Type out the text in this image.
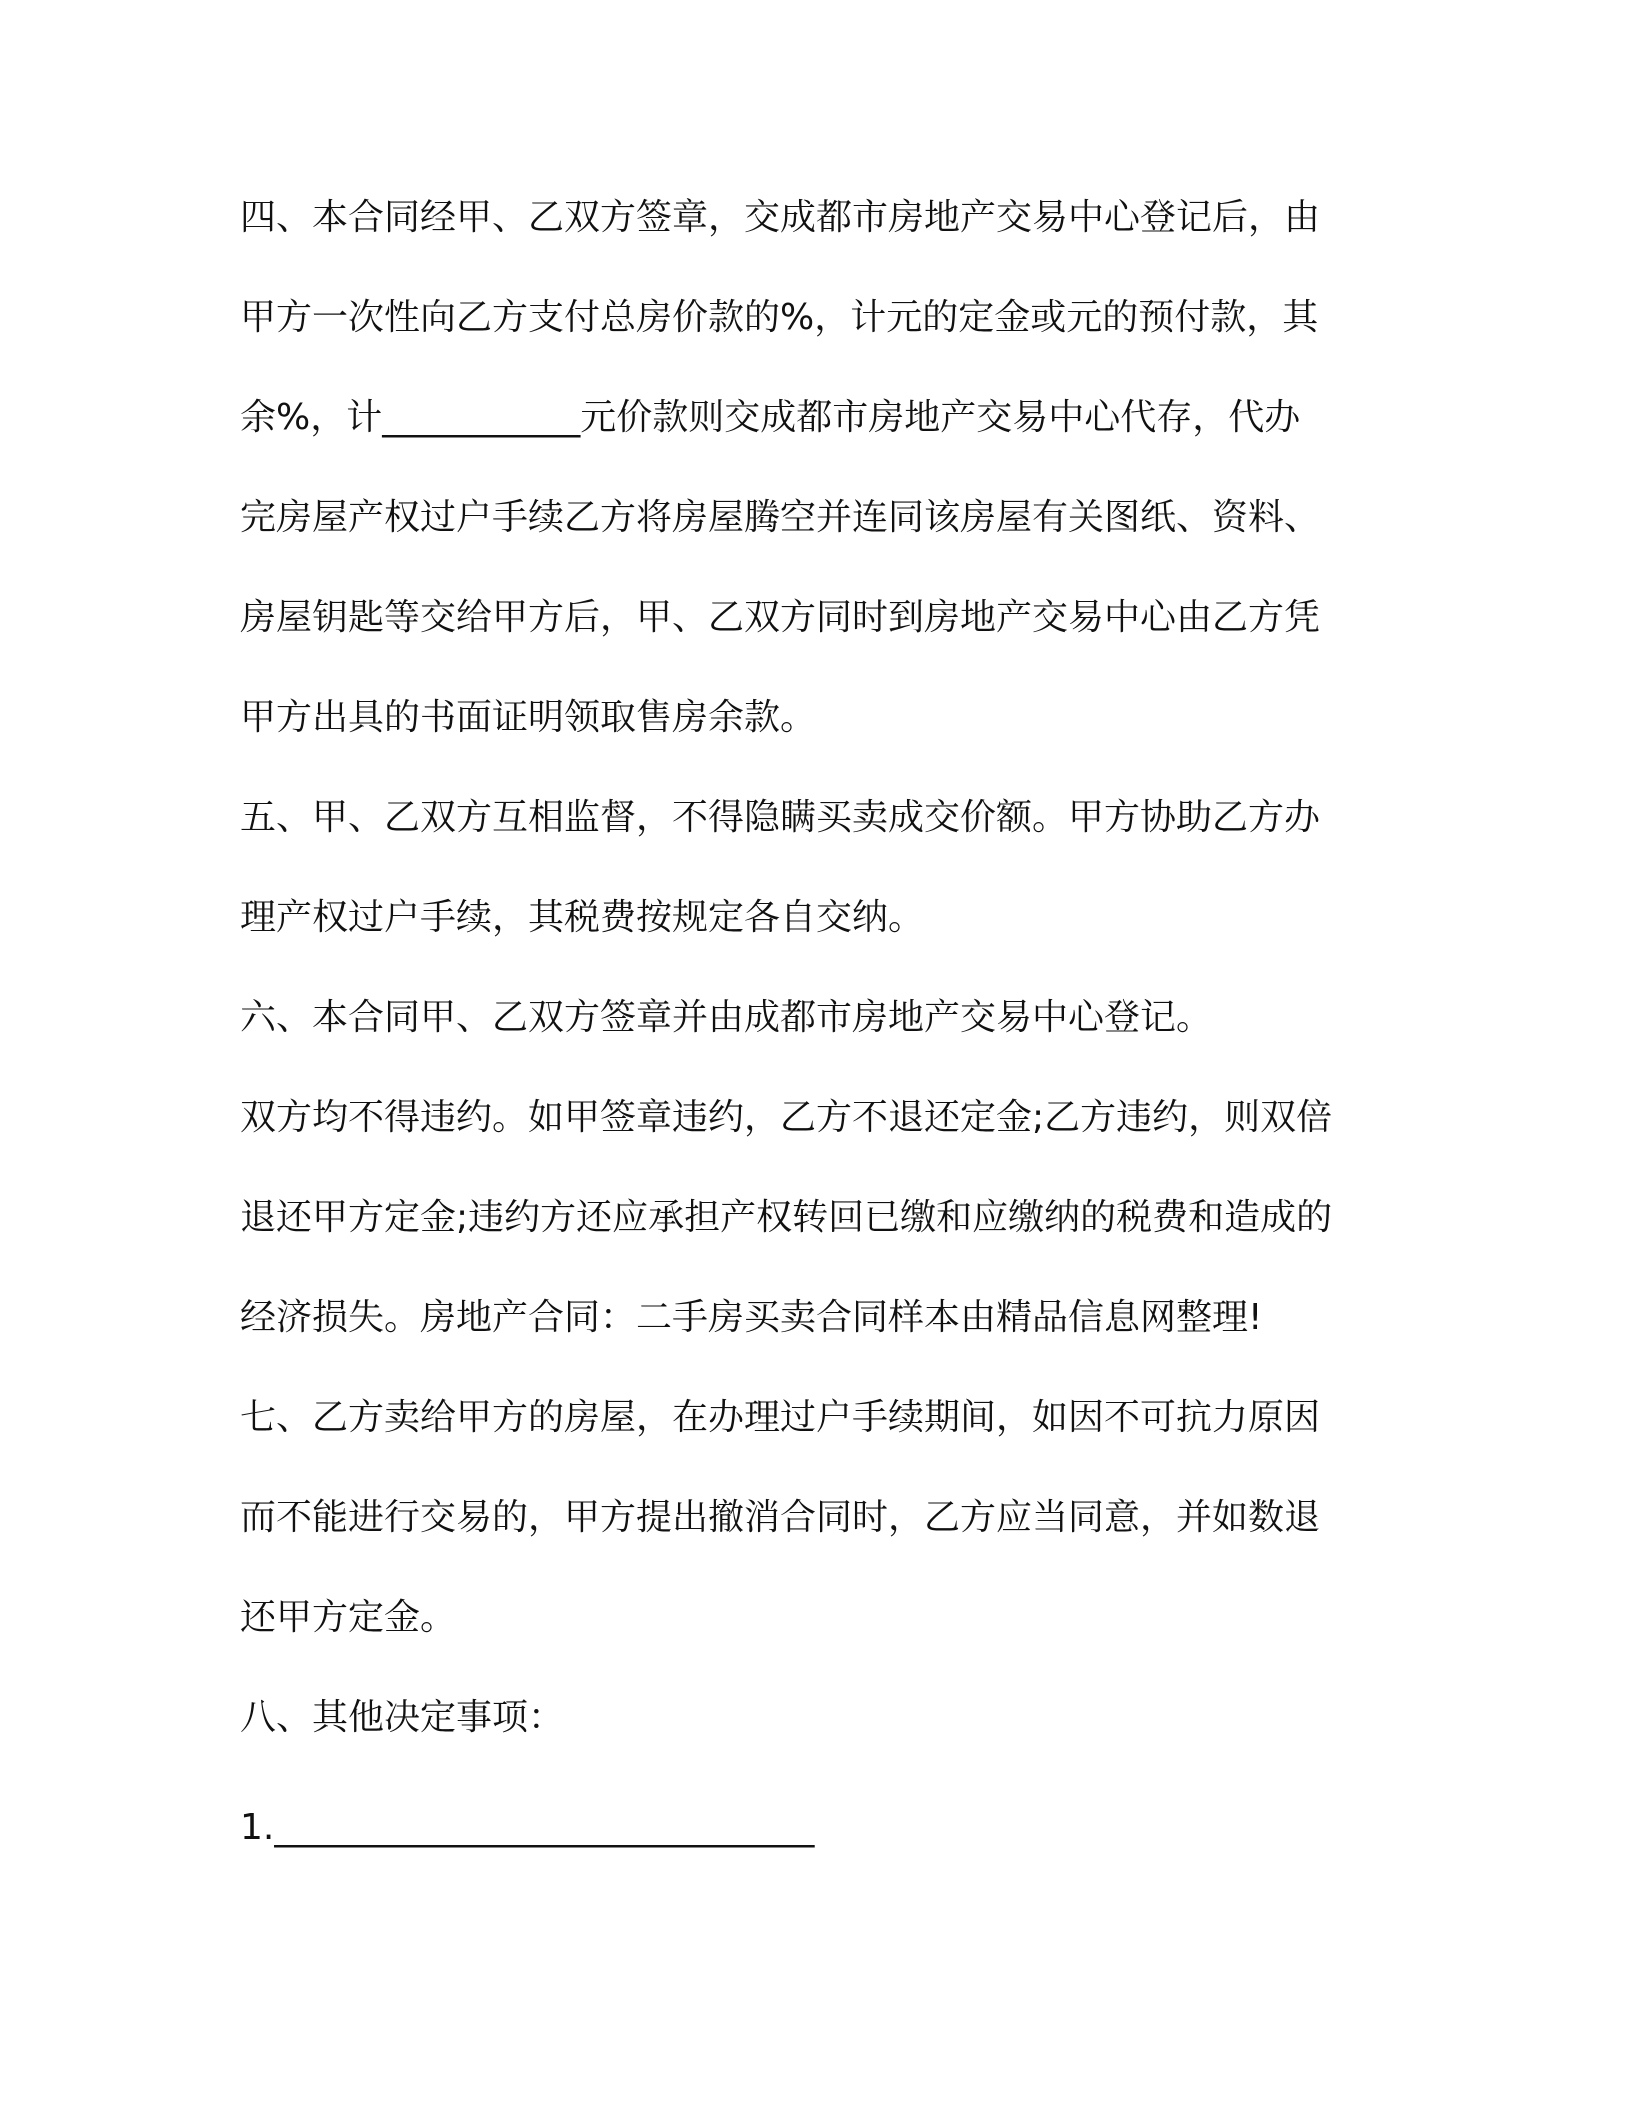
四、本合同经甲、乙双方签章，交成都市房地产交易中心登记后，由

甲方一次性向乙方支付总房价款的%，计元的定金或元的预付款，其

余%，计___________元价款则交成都市房地产交易中心代存，代办

完房屋产权过户手续乙方将房屋腾空并连同该房屋有关图纸、资料、

房屋钥匙等交给甲方后，甲、乙双方同时到房地产交易中心由乙方凭

甲方出具的书面证明领取售房余款。

五、甲、乙双方互相监督，不得隐瞒买卖成交价额。甲方协助乙方办

理产权过户手续，其税费按规定各自交纳。

六、本合同甲、乙双方签章并由成都市房地产交易中心登记。

双方均不得违约。如甲签章违约，乙方不退还定金;乙方违约，则双倍

退还甲方定金;违约方还应承担产权转回已缴和应缴纳的税费和造成的

经济损失。房地产合同：二手房买卖合同样本由精品信息网整理!

七、乙方卖给甲方的房屋，在办理过户手续期间，如因不可抗力原因

而不能进行交易的，甲方提出撤消合同时，乙方应当同意，并如数退

还甲方定金。

八、其他决定事项：

1.______________________________
